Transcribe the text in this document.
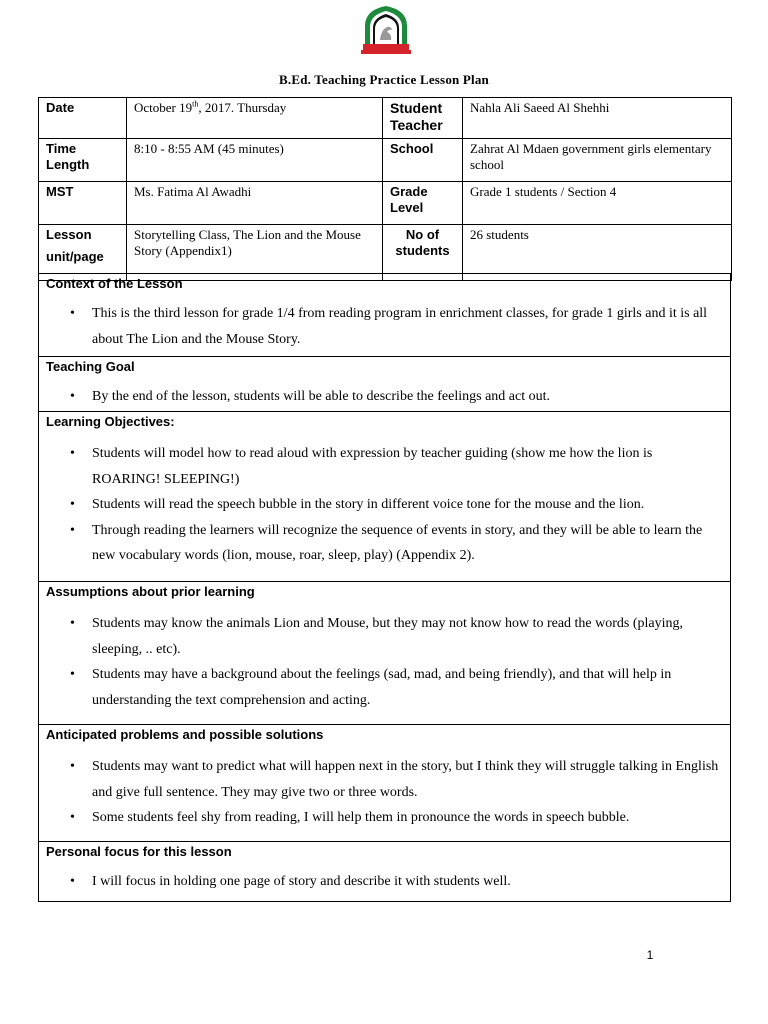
B.Ed. Teaching Practice Lesson Plan
Date	October 19th, 2017. Thursday	Student Teacher	Nahla Ali Saeed Al Shehhi
Time Length	8:10 - 8:55 AM (45 minutes)	School	Zahrat Al Mdaen government girls elementary school
MST	Ms. Fatima Al Awadhi	Grade Level	Grade 1 students / Section 4

Lesson
unit/page	Storytelling Class, The Lion and the Mouse Story (Appendix1)	No of students	26 students
Context of the Lesson
• This is the third lesson for grade 1/4 from reading program in enrichment classes, for grade 1 girls and it is all about The Lion and the Mouse Story.
Teaching Goal
• By the end of the lesson, students will be able to describe the feelings and act out.
Learning Objectives:
• Students will model how to read aloud with expression by teacher guiding (show me how the lion is ROARING! SLEEPING!)
• Students will read the speech bubble in the story in different voice tone for the mouse and the lion.
• Through reading the learners will recognize the sequence of events in story, and they will be able to learn the new vocabulary words (lion, mouse, roar, sleep, play) (Appendix 2).
Assumptions about prior learning
• Students may know the animals Lion and Mouse, but they may not know how to read the words (playing, sleeping, .. etc).
• Students may have a background about the feelings (sad, mad, and being friendly), and that will help in understanding the text comprehension and acting.
Anticipated problems and possible solutions
• Students may want to predict what will happen next in the story, but I think they will struggle talking in English and give full sentence. They may give two or three words.
• Some students feel shy from reading, I will help them in pronounce the words in speech bubble.
Personal focus for this lesson
• I will focus in holding one page of story and describe it with students well.
1
